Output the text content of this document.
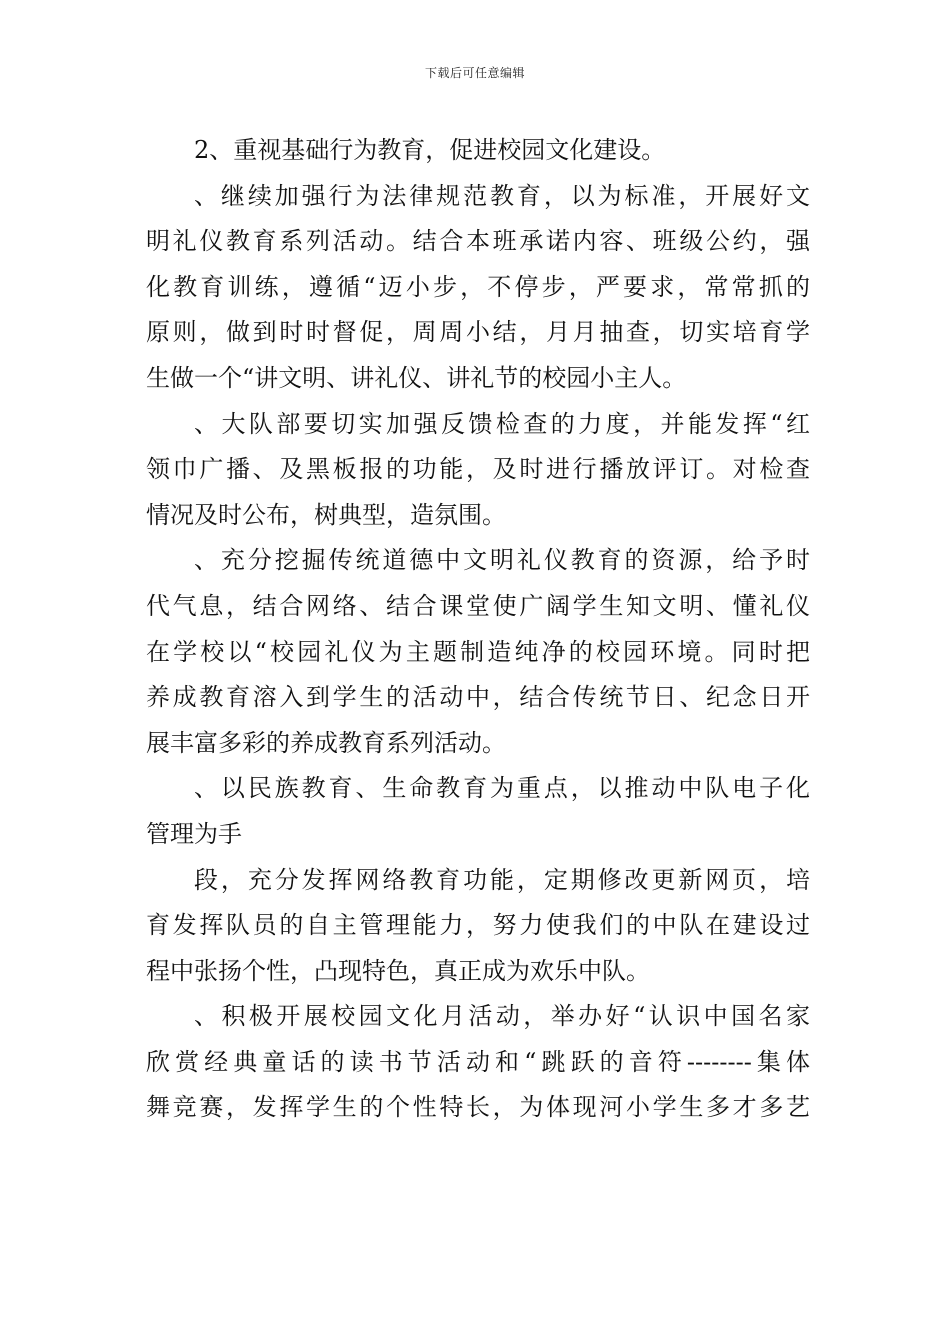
下载后可任意编辑
2、重视基础行为教育，促进校园文化建设。
、继续加强行为法律规范教育，以为标准，开展好文
明礼仪教育系列活动。结合本班承诺内容、班级公约，强
化教育训练，遵循“迈小步，不停步，严要求，常常抓的
原则，做到时时督促，周周小结，月月抽查，切实培育学
生做一个“讲文明、讲礼仪、讲礼节的校园小主人。
、大队部要切实加强反馈检查的力度，并能发挥“红
领巾广播、及黑板报的功能，及时进行播放评订。对检查
情况及时公布，树典型，造氛围。
、充分挖掘传统道德中文明礼仪教育的资源，给予时
代气息，结合网络、结合课堂使广阔学生知文明、懂礼仪
在学校以“校园礼仪为主题制造纯净的校园环境。同时把
养成教育溶入到学生的活动中，结合传统节日、纪念日开
展丰富多彩的养成教育系列活动。
、以民族教育、生命教育为重点，以推动中队电子化
管理为手
段，充分发挥网络教育功能，定期修改更新网页，培
育发挥队员的自主管理能力，努力使我们的中队在建设过
程中张扬个性，凸现特色，真正成为欢乐中队。
、积极开展校园文化月活动，举办好“认识中国名家
欣赏经典童话的读书节活动和“跳跃的音符--------集体
舞竞赛，发挥学生的个性特长，为体现河小学生多才多艺
